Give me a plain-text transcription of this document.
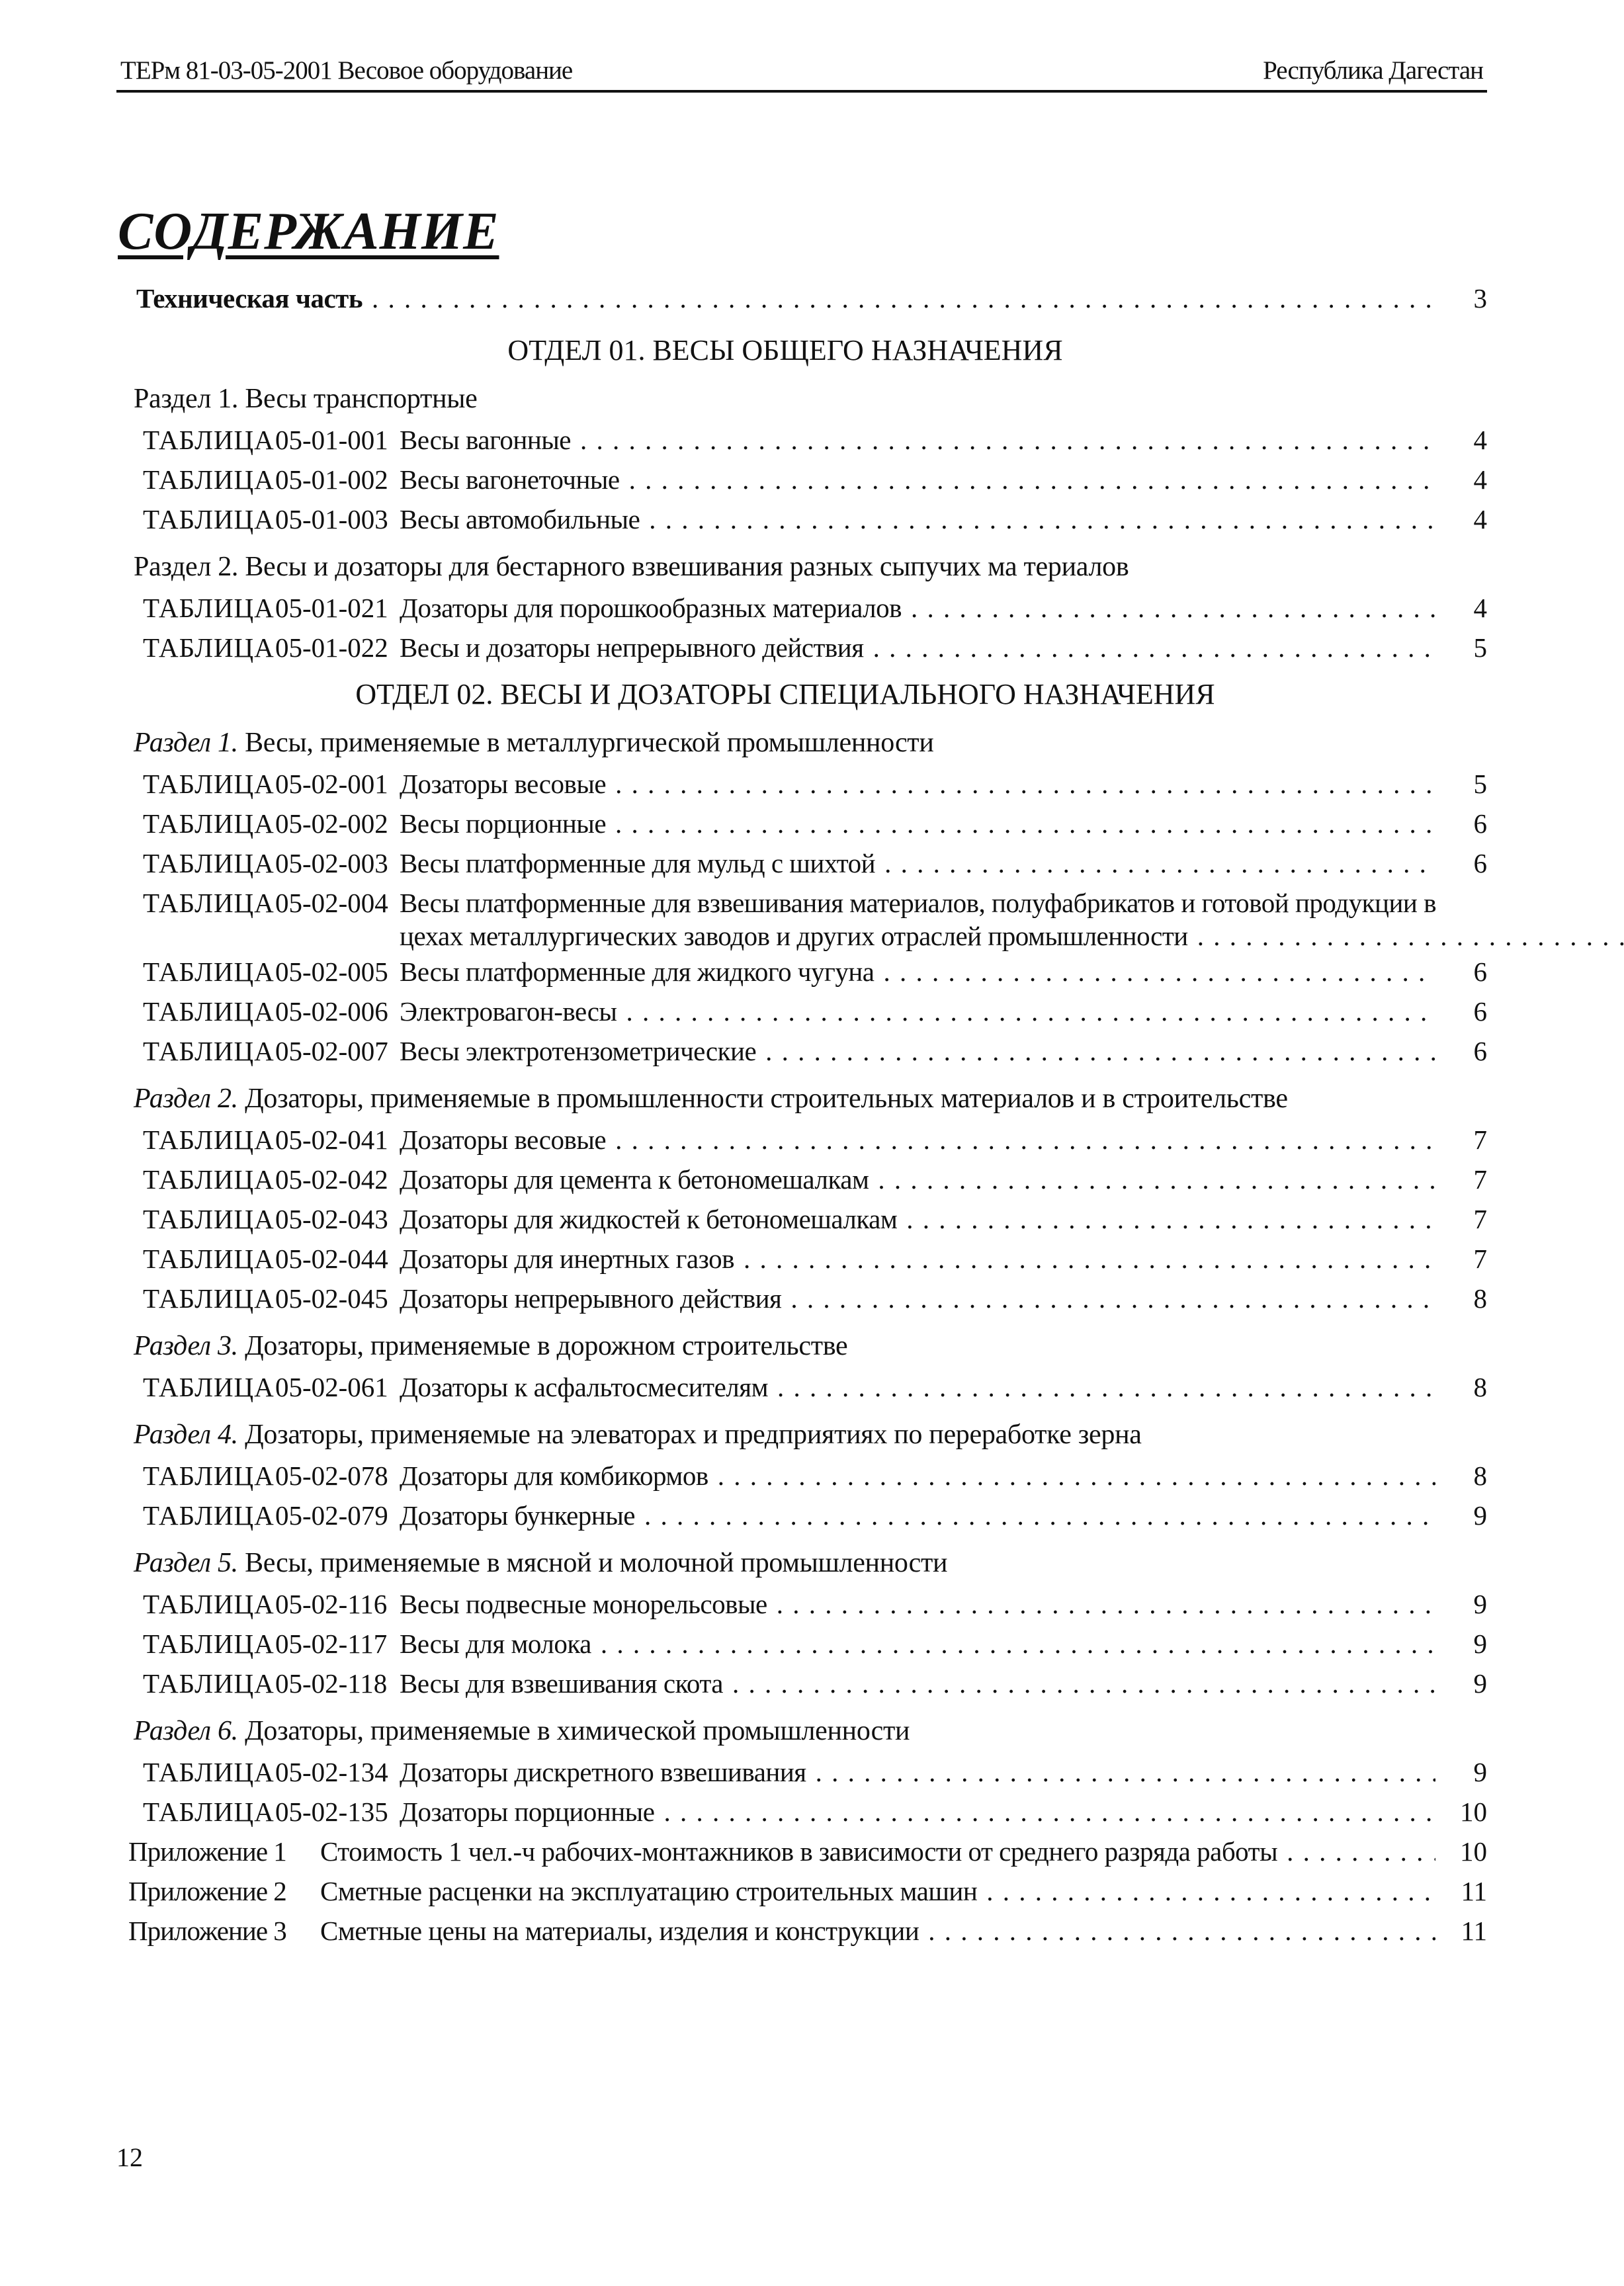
ТЕРм 81-03-05-2001 Весовое оборудование	Республика Дагестан
СОДЕРЖАНИЕ
Техническая часть . . .	3
ОТДЕЛ 01. ВЕСЫ ОБЩЕГО НАЗНАЧЕНИЯ
Раздел 1. Весы транспортные
ТАБЛИЦА 05-01-001 Весы вагонные . . .	4
ТАБЛИЦА 05-01-002 Весы вагонеточные . . .	4
ТАБЛИЦА 05-01-003 Весы автомобильные . . .	4
Раздел 2. Весы и дозаторы для бестарного взвешивания разных сыпучих ма териалов
ТАБЛИЦА 05-01-021 Дозаторы для порошкообразных материалов . . .	4
ТАБЛИЦА 05-01-022 Весы и дозаторы непрерывного действия . . .	5
ОТДЕЛ 02. ВЕСЫ И ДОЗАТОРЫ СПЕЦИАЛЬНОГО НАЗНАЧЕНИЯ
Раздел 1. Весы, применяемые в металлургической промышленности
ТАБЛИЦА 05-02-001 Дозаторы весовые . . .	5
ТАБЛИЦА 05-02-002 Весы порционные . . .	6
ТАБЛИЦА 05-02-003 Весы платформенные для мульд с шихтой . . .	6
ТАБЛИЦА 05-02-004 Весы платформенные для взвешивания материалов, полуфабрикатов и готовой продукции в
цехах металлургических заводов и других отраслей промышленности
. . .
ТАБЛИЦА 05-02-005 Весы платформенные для жидкого чугуна . . .	6
ТАБЛИЦА 05-02-006 Электровагон-весы . . .	6
ТАБЛИЦА 05-02-007 Весы электротензометрические . . .	6
Раздел 2. Дозаторы, применяемые в промышленности строительных материалов и в строительстве
ТАБЛИЦА 05-02-041 Дозаторы весовые . . .	7
ТАБЛИЦА 05-02-042 Дозаторы для цемента к бетономешалкам . . .	7
ТАБЛИЦА 05-02-043 Дозаторы для жидкостей к бетономешалкам . . .	7
ТАБЛИЦА 05-02-044 Дозаторы для инертных газов . . .	7
ТАБЛИЦА 05-02-045 Дозаторы непрерывного действия . . .	8
Раздел 3. Дозаторы, применяемые в дорожном строительстве
ТАБЛИЦА 05-02-061 Дозаторы к асфальтосмесителям . . .	8
Раздел 4. Дозаторы, применяемые на элеваторах и предприятиях по переработке зерна
ТАБЛИЦА 05-02-078 Дозаторы для комбикормов . . .	8
ТАБЛИЦА 05-02-079 Дозаторы бункерные . . .	9
Раздел 5. Весы, применяемые в мясной и молочной промышленности
ТАБЛИЦА 05-02-116 Весы подвесные монорельсовые . . .	9
ТАБЛИЦА 05-02-117 Весы для молока . . .	9
ТАБЛИЦА 05-02-118 Весы для взвешивания скота . . .	9
Раздел 6. Дозаторы, применяемые в химической промышленности
ТАБЛИЦА 05-02-134 Дозаторы дискретного взвешивания . . .	9
ТАБЛИЦА 05-02-135 Дозаторы порционные . . .	10
Приложение 1	Стоимость 1 чел.-ч рабочих-монтажников в зависимости от среднего разряда работы . . .	10
Приложение 2	Сметные расценки на эксплуатацию строительных машин . . .	11
Приложение 3	Сметные цены на материалы, изделия и конструкции . . .	11
12
